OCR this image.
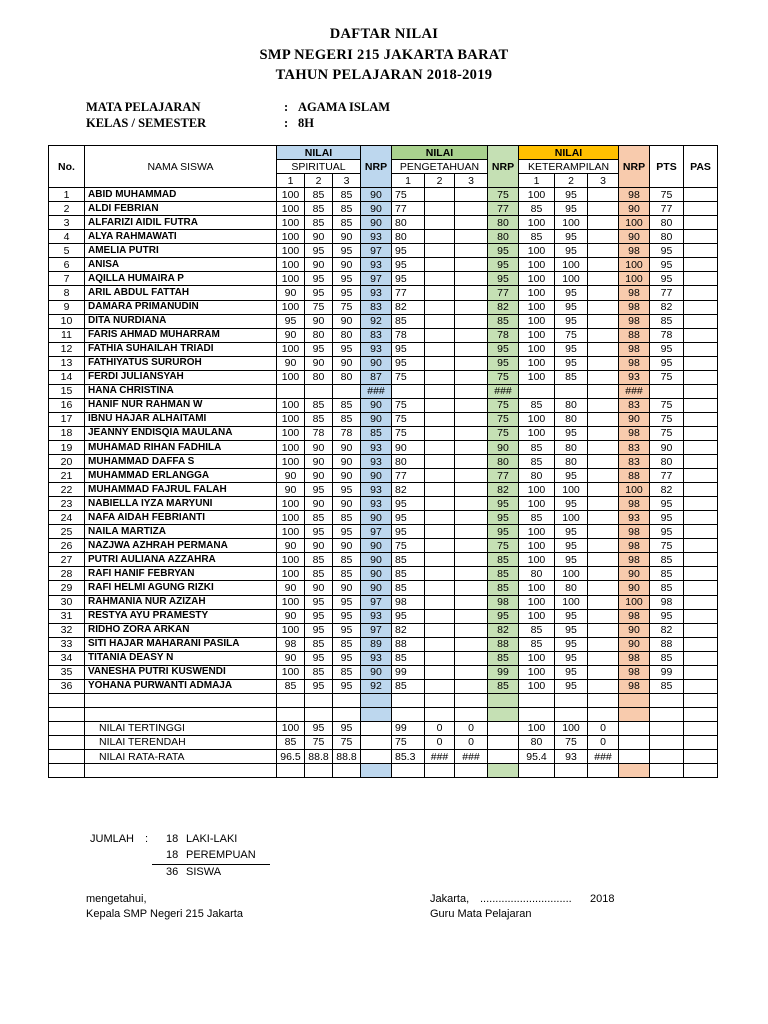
DAFTAR NILAI
SMP NEGERI 215 JAKARTA BARAT
TAHUN PELAJARAN 2018-2019
MATA PELAJARAN	: AGAMA ISLAM
KELAS / SEMESTER	: 8H
No.	NAMA SISWA	NILAI			NRP	NILAI			NRP	NILAI			NRP	PTS	PAS
		SPIRITUAL				PENGETAHUAN				KETERAMPILAN					
		1	2	3		1	2	3		1	2	3			
1	ABID MUHAMMAD	100	85	85	90	75			75	100	95		98	75	
2	ALDI FEBRIAN	100	85	85	90	77			77	85	95		90	77	
3	ALFARIZI AIDIL FUTRA	100	85	85	90	80			80	100	100		100	80	
4	ALYA RAHMAWATI	100	90	90	93	80			80	85	95		90	80	
5	AMELIA PUTRI	100	95	95	97	95			95	100	95		98	95	
6	ANISA	100	90	90	93	95			95	100	100		100	95	
7	AQILLA HUMAIRA P	100	95	95	97	95			95	100	100		100	95	
8	ARIL ABDUL FATTAH	90	95	95	93	77			77	100	95		98	77	
9	DAMARA PRIMANUDIN	100	75	75	83	82			82	100	95		98	82	
10	DITA NURDIANA	95	90	90	92	85			85	100	95		98	85	
11	FARIS AHMAD MUHARRAM	90	80	80	83	78			78	100	75		88	78	
12	FATHIA SUHAILAH TRIADI	100	95	95	93	95			95	100	95		98	95	
13	FATHIYATUS SURUROH	90	90	90	90	95			95	100	95		98	95	
14	FERDI JULIANSYAH	100	80	80	87	75			75	100	85		93	75	
15	HANA CHRISTINA				###				###				###		
16	HANIF NUR RAHMAN W	100	85	85	90	75			75	85	80		83	75	
17	IBNU HAJAR ALHAITAMI	100	85	85	90	75			75	100	80		90	75	
18	JEANNY ENDISQIA MAULANA	100	78	78	85	75			75	100	95		98	75	
19	MUHAMAD RIHAN FADHILA	100	90	90	93	90			90	85	80		83	90	
20	MUHAMMAD DAFFA S	100	90	90	93	80			80	85	80		83	80	
21	MUHAMMAD ERLANGGA	90	90	90	90	77			77	80	95		88	77	
22	MUHAMMAD FAJRUL FALAH	90	95	95	93	82			82	100	100		100	82	
23	NABIELLA IYZA MARYUNI	100	90	90	93	95			95	100	95		98	95	
24	NAFA AIDAH FEBRIANTI	100	85	85	90	95			95	85	100		93	95	
25	NAILA MARTIZA	100	95	95	97	95			95	100	95		98	95	
26	NAZJWA AZHRAH PERMANA	90	90	90	90	75			75	100	95		98	75	
27	PUTRI AULIANA AZZAHRA	100	85	85	90	85			85	100	95		98	85	
28	RAFI HANIF FEBRYAN	100	85	85	90	85			85	80	100		90	85	
29	RAFI HELMI AGUNG RIZKI	90	90	90	90	85			85	100	80		90	85	
30	RAHMANIA NUR AZIZAH	100	95	95	97	98			98	100	100		100	98	
31	RESTYA AYU PRAMESTY	90	95	95	93	95			95	100	95		98	95	
32	RIDHO ZORA ARKAN	100	95	95	97	82			82	85	95		90	82	
33	SITI HAJAR MAHARANI PASILA	98	85	85	89	88			88	85	95		90	88	
34	TITANIA DEASY N	90	95	95	93	85			85	100	95		98	85	
35	VANESHA PUTRI KUSWENDI	100	85	85	90	99			99	100	95		98	99	
36	YOHANA PURWANTI ADMAJA	85	95	95	92	85			85	100	95		98	85	

	NILAI TERTINGGI	100	95	95		99	0	0		100	100	0			
	NILAI TERENDAH	85	75	75		75	0	0		80	75	0			
	NILAI RATA-RATA	96.5	88.8	88.8		85.3	###	###		95.4	93	###			

JUMLAH : 18 LAKI-LAKI
18 PEREMPUAN
36 SISWA
mengetahui,
Kepala SMP Negeri 215 Jakarta
Jakarta, .............................. 2018
Guru Mata Pelajaran
